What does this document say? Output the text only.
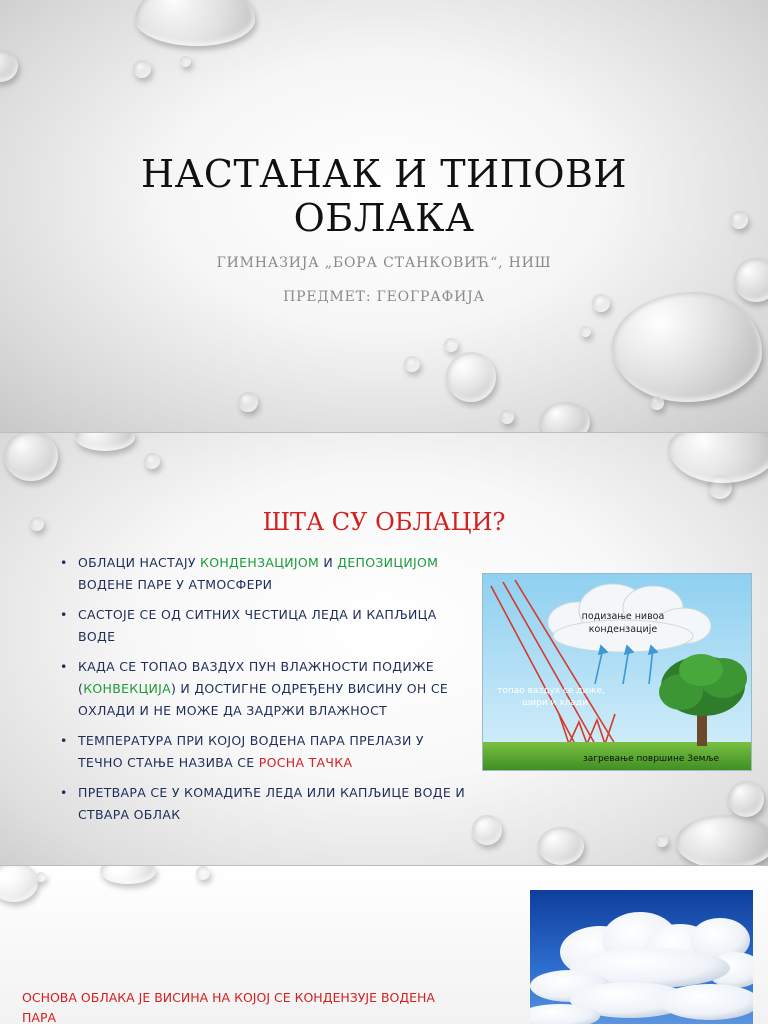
НАСТАНАК И ТИПОВИ
ОБЛАКА
ГИМНАЗИЈА „БОРА СТАНКОВИЋ“, НИШ
ПРЕДМЕТ: ГЕОГРАФИЈА
ШТА СУ ОБЛАЦИ?
• ОБЛАЦИ НАСТАЈУ КОНДЕНЗАЦИЈОМ И ДЕПОЗИЦИЈОМ ВОДЕНЕ ПАРЕ У АТМОСФЕРИ
• САСТОЈЕ СЕ ОД СИТНИХ ЧЕСТИЦА ЛЕДА И КАПЉИЦА ВОДЕ
• КАДА СЕ ТОПАО ВАЗДУХ ПУН ВЛАЖНОСТИ ПОДИЖЕ (КОНВЕКЦИЈА) И ДОСТИГНЕ ОДРЕЂЕНУ ВИСИНУ ОН СЕ ОХЛАДИ И НЕ МОЖЕ ДА ЗАДРЖИ ВЛАЖНОСТ
• ТЕМПЕРАТУРА ПРИ КОЈОЈ ВОДЕНА ПАРА ПРЕЛАЗИ У ТЕЧНО СТАЊЕ НАЗИВА СЕ РОСНА ТАЧКА
• ПРЕТВАРА СЕ У КОМАДИЋЕ ЛЕДА ИЛИ КАПЉИЦЕ ВОДЕ И СТВАРА ОБЛАК
подизање нивоа
кондензације
топао ваздух се диже,
шири и хлади
загревање површине Земље
ОСНОВА ОБЛАКА ЈЕ ВИСИНА НА КОЈОЈ СЕ КОНДЕНЗУЈЕ ВОДЕНА
ПАРА
